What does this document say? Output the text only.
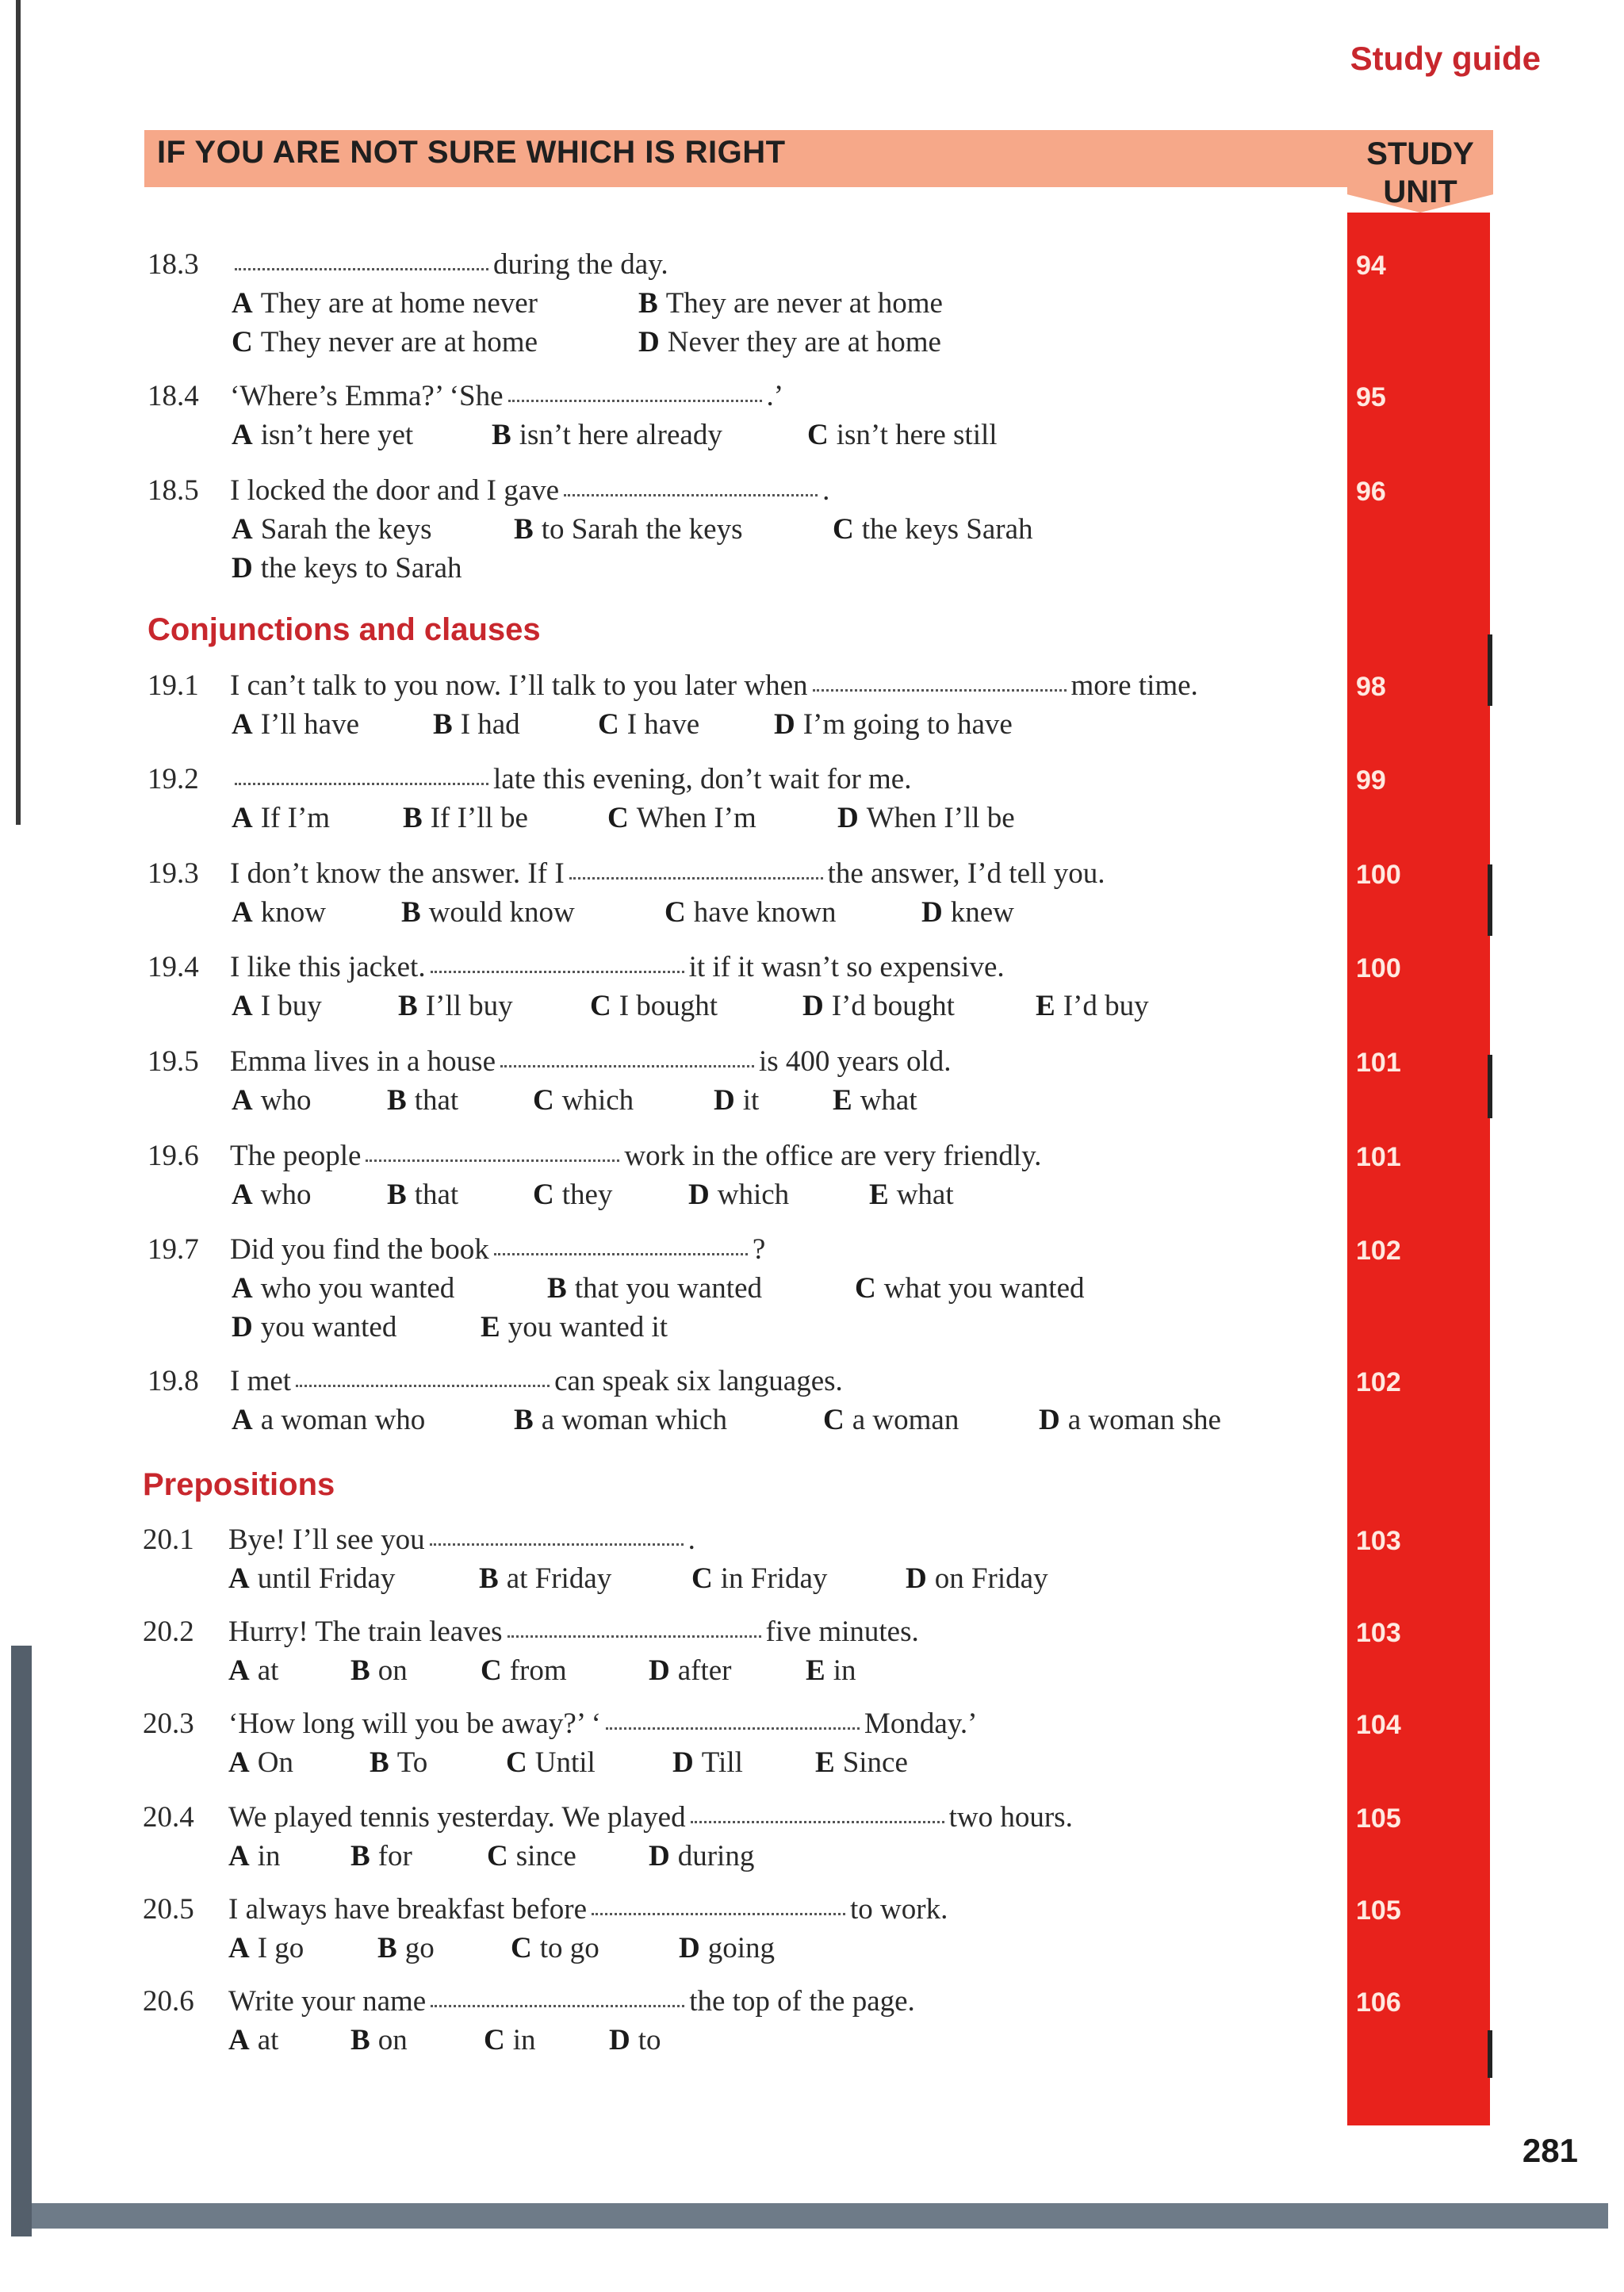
Study guide
IF YOU ARE NOT SURE WHICH IS RIGHT	STUDY
UNIT
Conjunctions and clauses
Prepositions
18.3	during the day.
A They are at home never	B They are never at home
C They never are at home	D Never they are at home
94
18.4 ‘Where’s Emma?’ ‘She	.’
A isn’t here yet	B isn’t here already	C isn’t here still
95
18.5 I locked the door and I gave	.
A Sarah the keys	B to Sarah the keys	C the keys Sarah
D the keys to Sarah
96
19.1 I can’t talk to you now. I’ll talk to you later when	more time.
A I’ll have	B I had	C I have	D I’m going to have
98
19.2	late this evening, don’t wait for me.
A If I’m B If I’ll be	C When I’m	D When I’ll be
99
19.3 I don’t know the answer. If I	the answer, I’d tell you.
A know	B would know	C have known	D knew
100
19.4 I like this jacket.	it if it wasn’t so expensive.
A I buy	B I’ll buy	C I bought	D I’d bought	E I’d buy
100
19.5 Emma lives in a house	is 400 years old.
A who	B that	C which	D it	E what
101
19.6 The people	work in the office are very friendly.
A who	B that	C they	D which	E what
101
19.7 Did you find the book	?
A who you wanted	B that you wanted	C what you wanted
D you wanted	E you wanted it
102
19.8 I met	can speak six languages.
A a woman who	B a woman which	C a woman	D a woman she
102
20.1 Bye! I’ll see you	.
A until Friday	B at Friday	C in Friday	D on Friday
103
20.2 Hurry! The train leaves	five minutes.
A at B on C from	D after	E in
103
20.3 ‘How long will you be away?’ ‘	Monday.’
A On	B To	C Until	D Till E Since
104
20.4 We played tennis yesterday. We played	two hours.
A in B for	C since D during
105
20.5 I always have breakfast before	to work.
A I go	B go	C to go	D going
105
20.6 Write your name	the top of the page.
A at B on	C in D to
106
281
